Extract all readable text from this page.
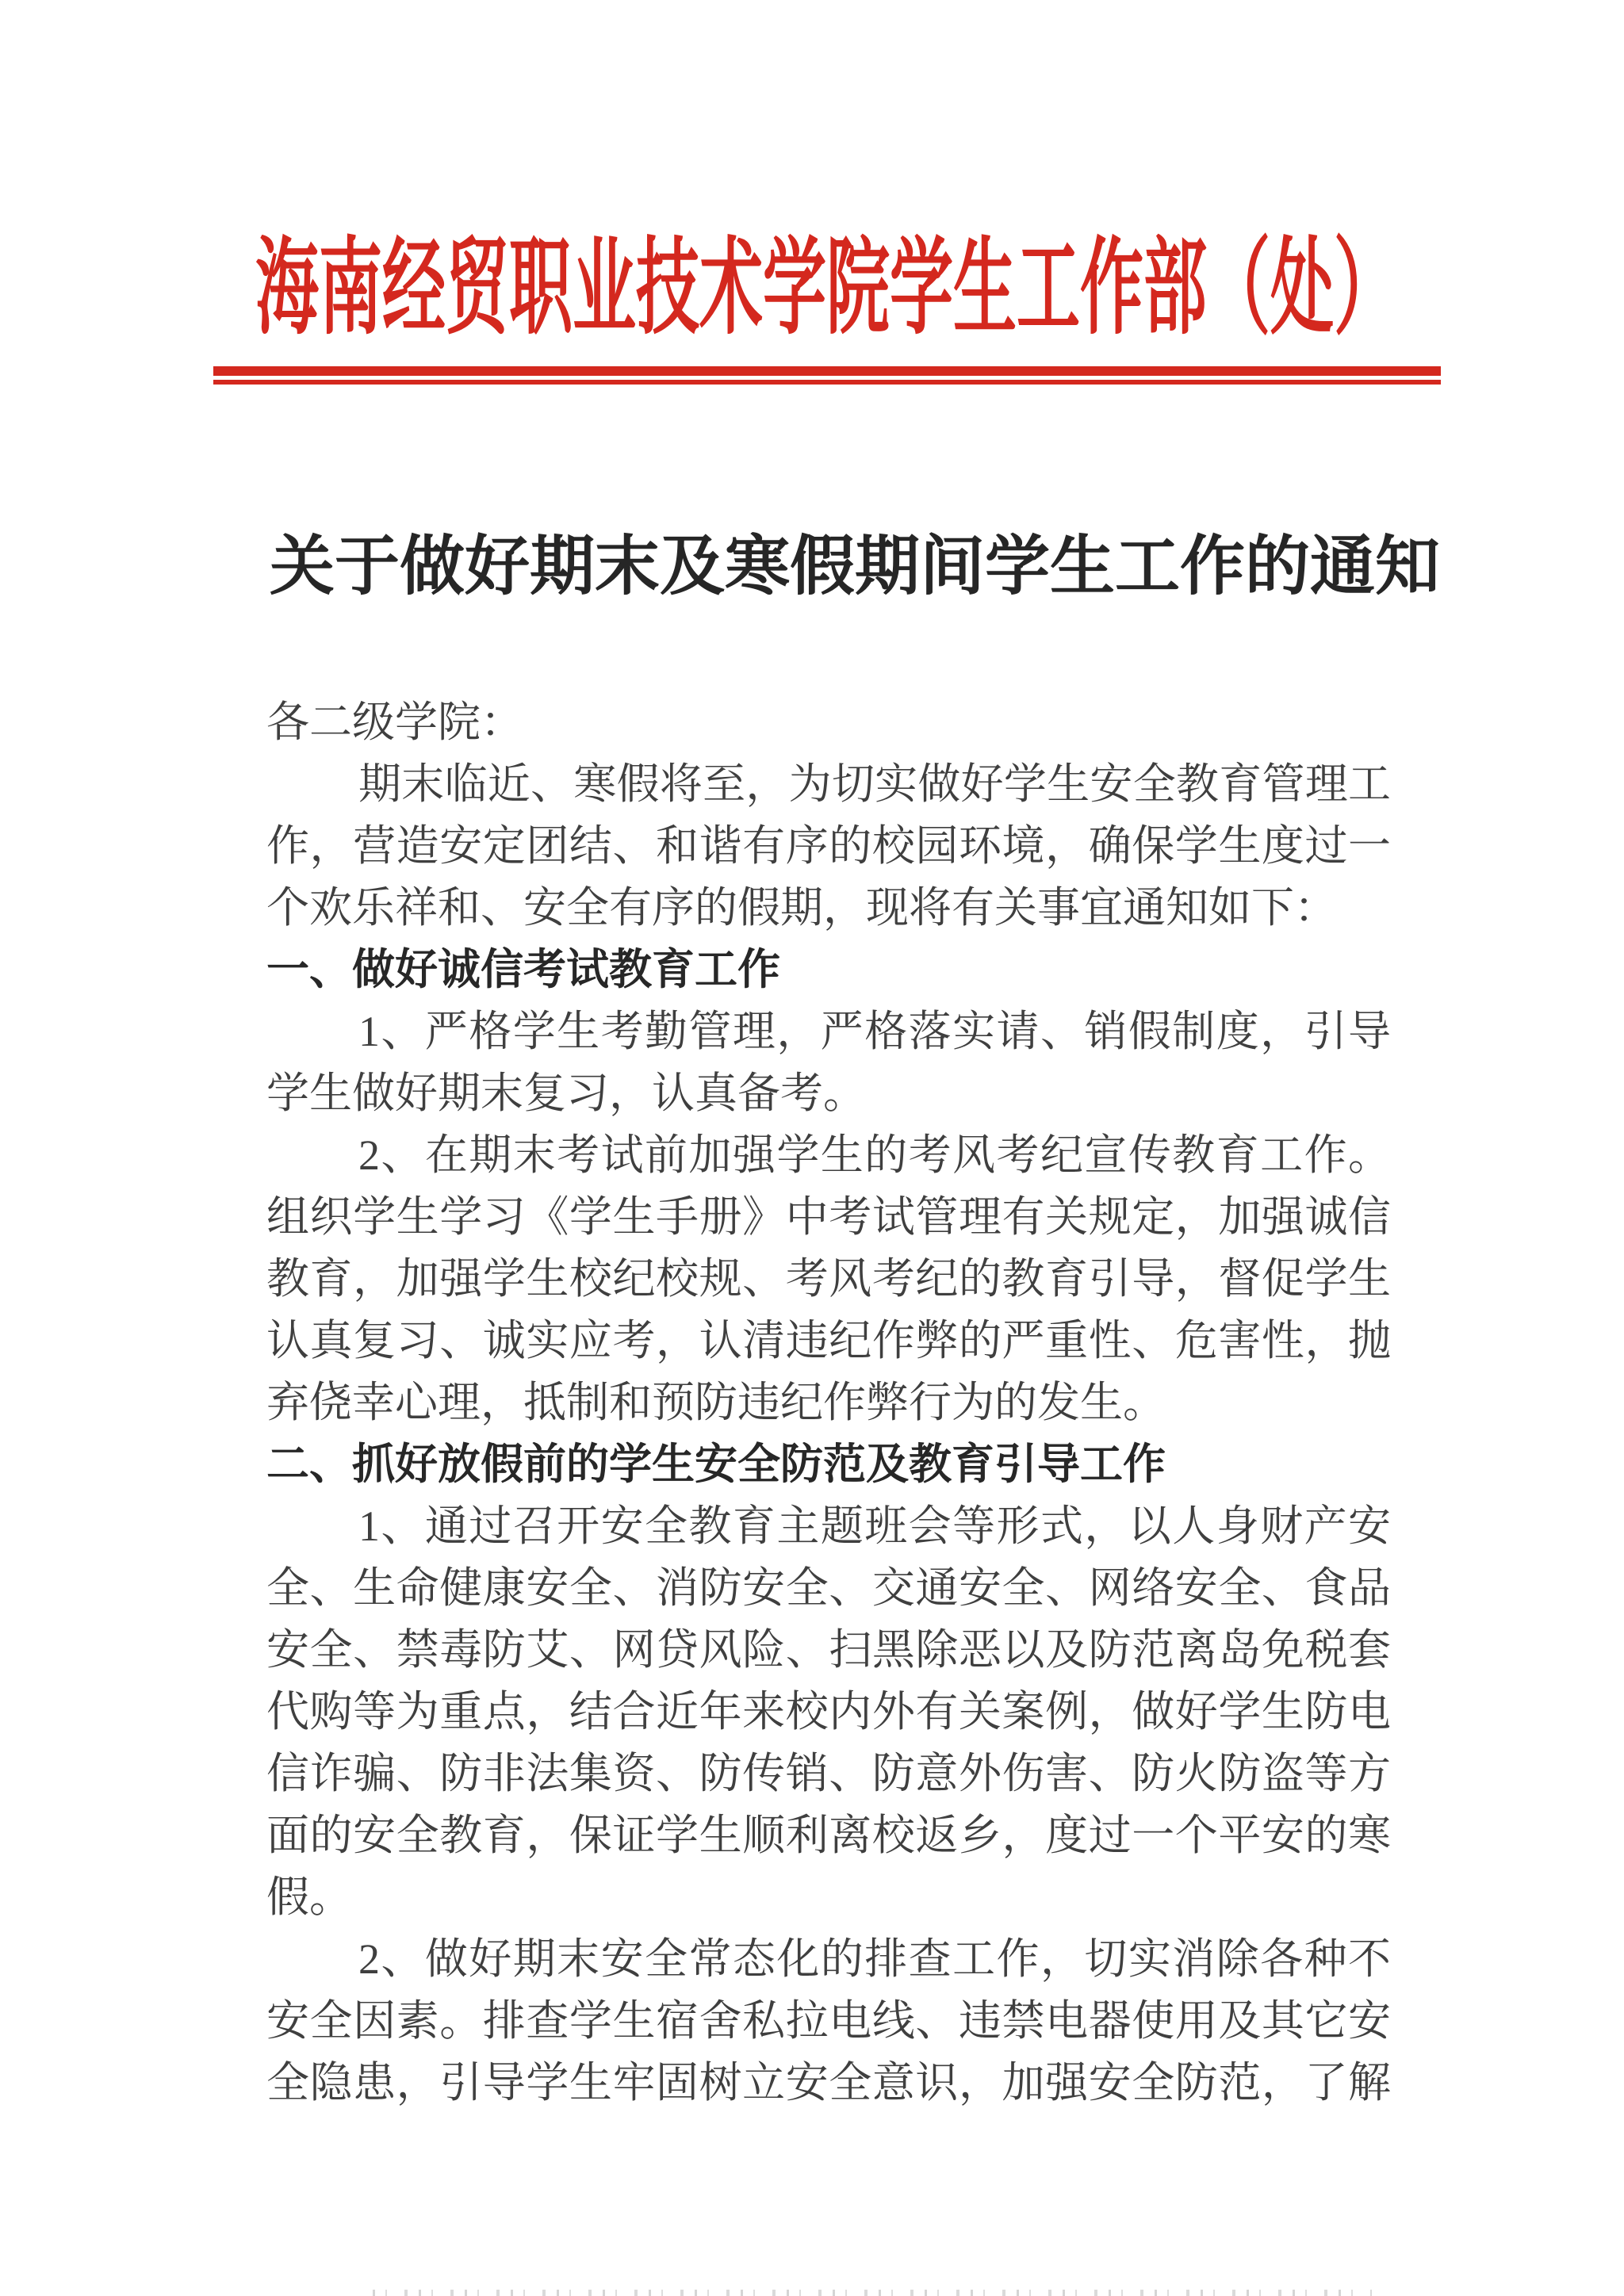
海南经贸职业技术学院学生工作部（处）
关于做好期末及寒假期间学生工作的通知
各二级学院：
期末临近、寒假将至，为切实做好学生安全教育管理工
作，营造安定团结、和谐有序的校园环境，确保学生度过一
个欢乐祥和、安全有序的假期，现将有关事宜通知如下：
一、做好诚信考试教育工作
1、严格学生考勤管理，严格落实请、销假制度，引导
学生做好期末复习，认真备考。
2、在期末考试前加强学生的考风考纪宣传教育工作。
组织学生学习《学生手册》中考试管理有关规定，加强诚信
教育，加强学生校纪校规、考风考纪的教育引导，督促学生
认真复习、诚实应考，认清违纪作弊的严重性、危害性，抛
弃侥幸心理，抵制和预防违纪作弊行为的发生。
二、抓好放假前的学生安全防范及教育引导工作
1、通过召开安全教育主题班会等形式，以人身财产安
全、生命健康安全、消防安全、交通安全、网络安全、食品
安全、禁毒防艾、网贷风险、扫黑除恶以及防范离岛免税套
代购等为重点，结合近年来校内外有关案例，做好学生防电
信诈骗、防非法集资、防传销、防意外伤害、防火防盗等方
面的安全教育，保证学生顺利离校返乡，度过一个平安的寒
假。
2、做好期末安全常态化的排查工作，切实消除各种不
安全因素。排查学生宿舍私拉电线、违禁电器使用及其它安
全隐患，引导学生牢固树立安全意识，加强安全防范，了解
